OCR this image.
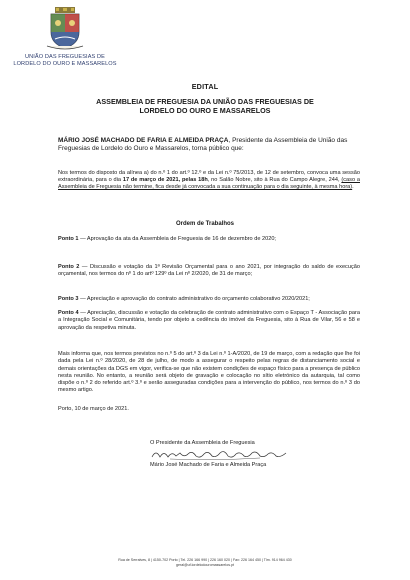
UNIÃO DAS FREGUESIAS DE
LORDELO DO OURO E MASSARELOS
EDITAL
ASSEMBLEIA DE FREGUESIA DA UNIÃO DAS FREGUESIAS DE
LORDELO DO OURO E MASSARELOS
MÁRIO JOSÉ MACHADO DE FARIA E ALMEIDA PRAÇA, Presidente da Assembleia de União das Freguesias de Lordelo do Ouro e Massarelos, torna público que:
Nos termos do disposto da alínea a) do n.º 1 do art.º 12.º e da Lei n.º 75/2013, de 12 de setembro, convoca uma sessão extraordinária, para o dia 17 de março de 2021, pelas 18h, no Salão Nobre, sito à Rua do Campo Alegre, 244, (caso a Assembleia de Freguesia não termine, fica desde já convocada a sua continuação para o dia seguinte, à mesma hora).
Ordem de Trabalhos
Ponto 1 — Aprovação da ata da Assembleia de Freguesia de 16 de dezembro de 2020;
Ponto 2 — Discussão e votação da 1ª Revisão Orçamental para o ano 2021, por integração do saldo de execução orçamental, nos termos do nº 1 do artº 129º da Lei nº 2/2020, de 31 de março;
Ponto 3 — Apreciação e aprovação do contrato administrativo do orçamento colaborativo 2020/2021;
Ponto 4 — Apreciação, discussão e votação da celebração de contrato administrativo com o Espaço T - Associação para a Integração Social e Comunitária, tendo por objeto a cedência do imóvel da Freguesia, sito à Rua de Vilar, 56 e 58 e aprovação da respetiva minuta.
Mais informa que, nos termos previstos no n.º 5 do art.º 3 da Lei n.º 1-A/2020, de 19 de março, com a redação que lhe foi dada pela Lei n.º 28/2020, de 28 de julho, de modo a assegurar o respeito pelas regras de distanciamento social e demais orientações da DGS em vigor, verifica-se que não existem condições de espaço físico para a presença de público nesta reunião. No entanto, a reunião será objeto de gravação e colocação no sítio eletrónico da autarquia, tal como dispõe o n.º 2 do referido art.º 3.º e serão asseguradas condições para a intervenção do público, nos termos do n.º 3 do mesmo artigo.
Porto, 10 de março de 2021.
O Presidente da Assembleia de Freguesia
Mário José Machado de Faria e Almeida Praça
Rua de Serralves, 8 | 4150-702 Porto | Tel. 226 166 990 | 226 160 020 | Fax: 226 164 450 | Tlm. 914 964 430
geral@uf.lordelodouromassarelos.pt
